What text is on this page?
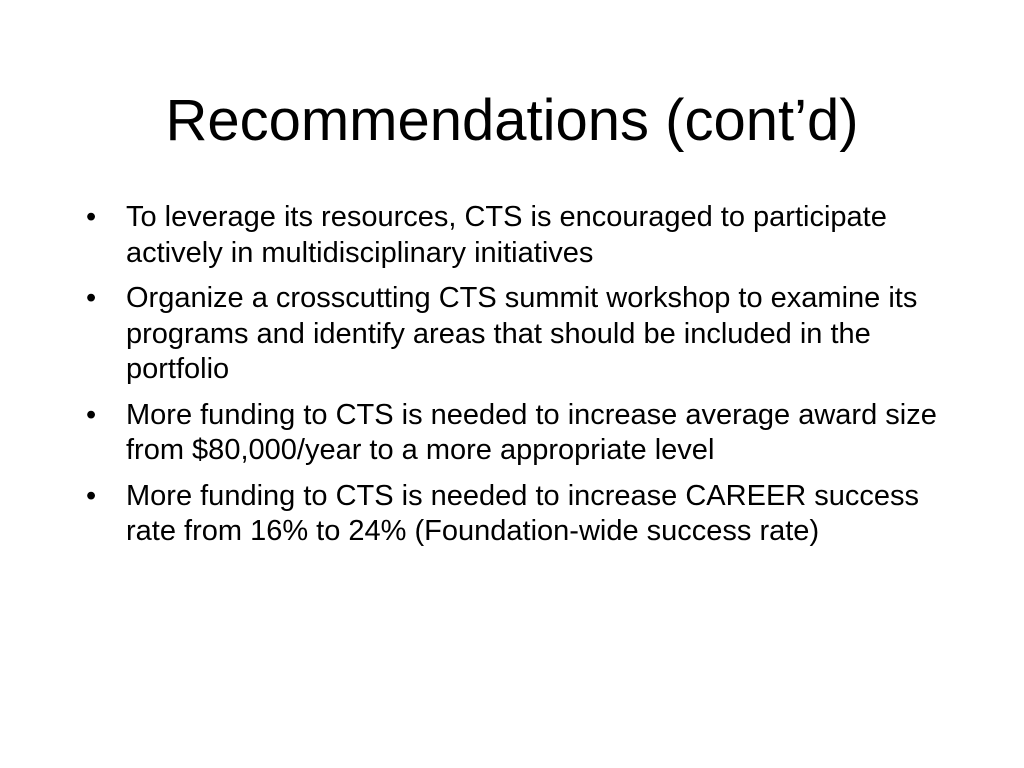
Recommendations (cont’d)
• To leverage its resources, CTS is encouraged to participate actively in multidisciplinary initiatives
• Organize a crosscutting CTS summit workshop to examine its programs and identify areas that should be included in the portfolio
• More funding to CTS is needed to increase average award size from $80,000/year to a more appropriate level
• More funding to CTS is needed to increase CAREER success rate from 16% to 24% (Foundation-wide success rate)
